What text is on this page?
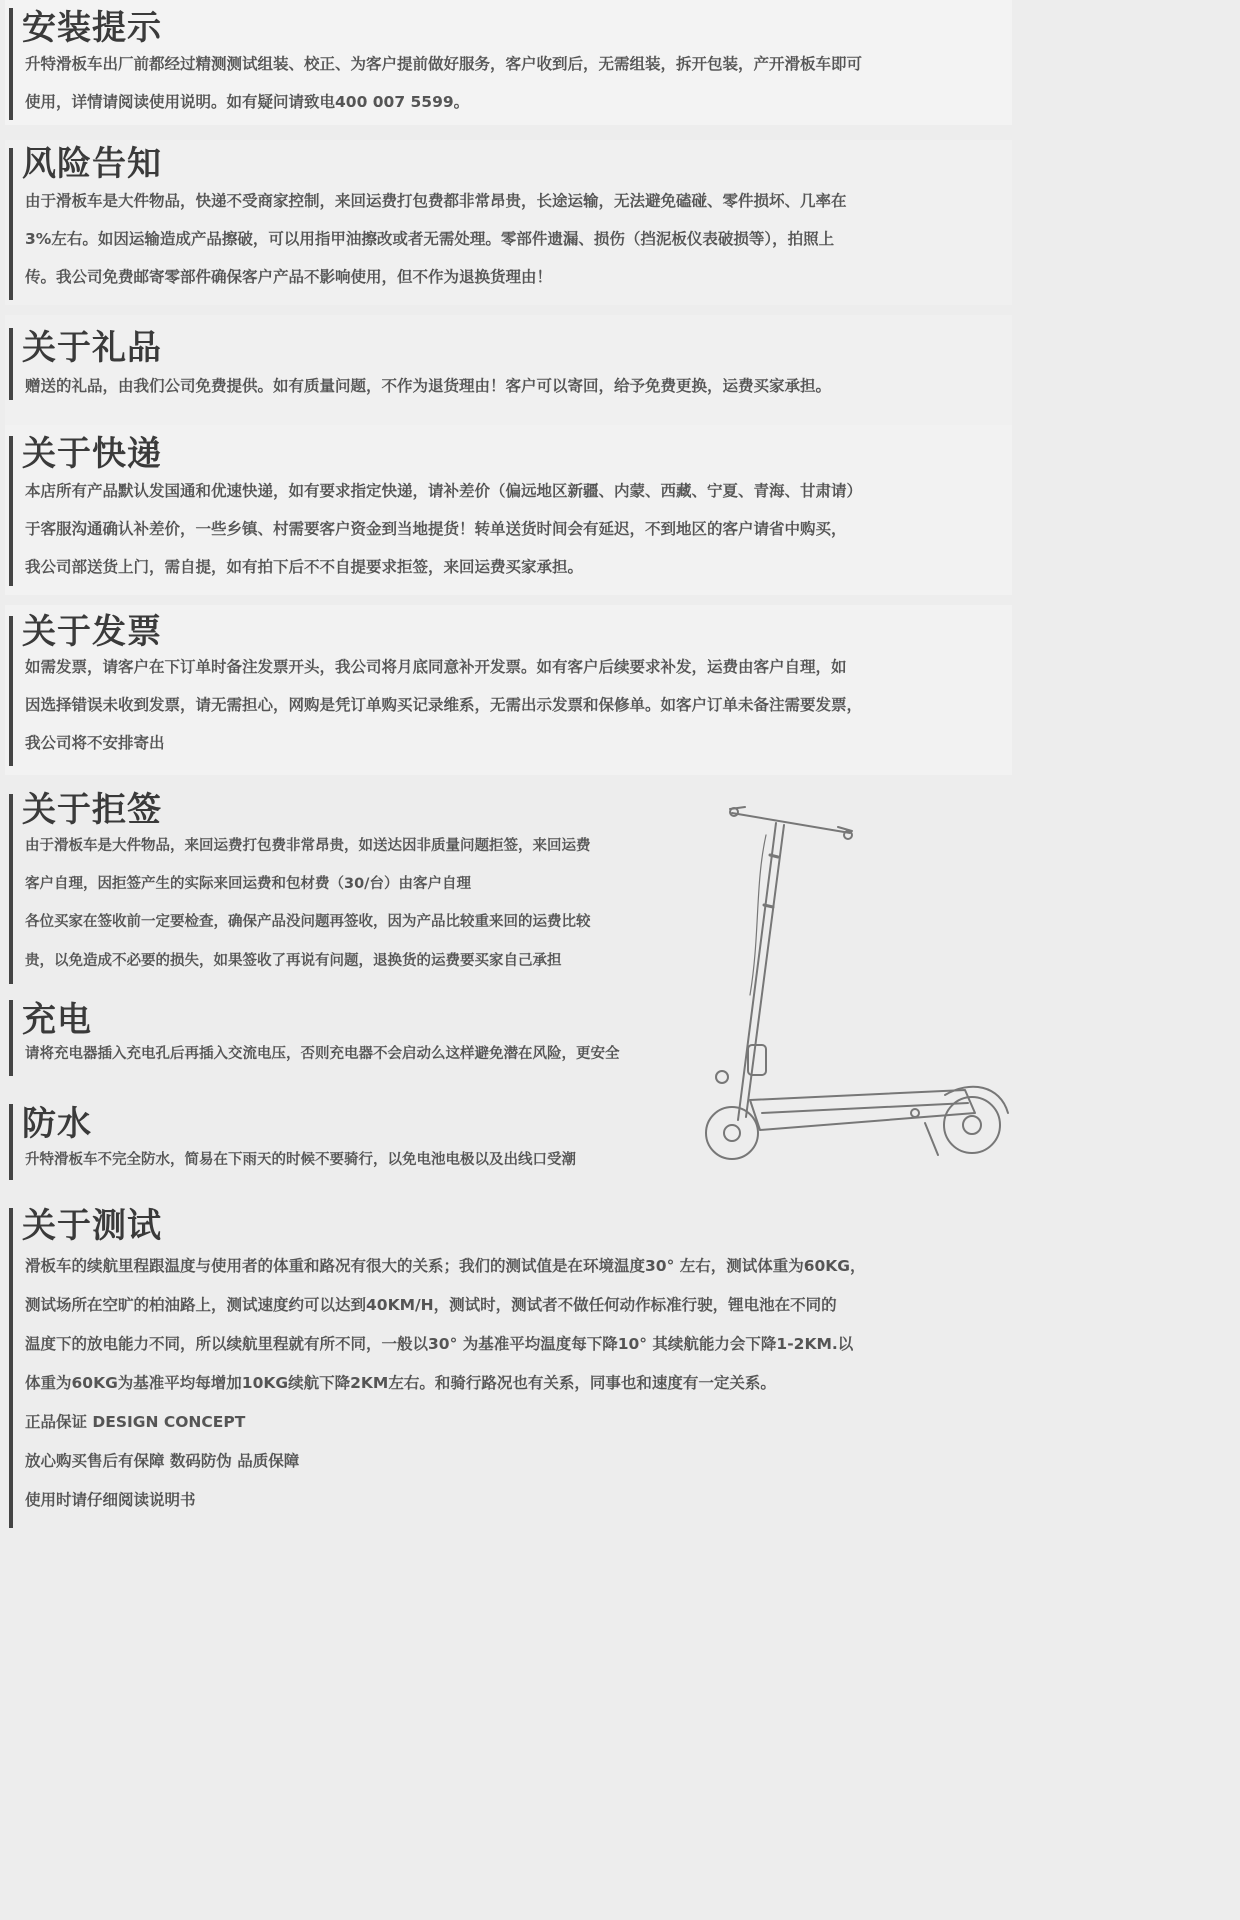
安装提示

升特滑板车出厂前都经过精测测试组装、校正、为客户提前做好服务，客户收到后，无需组装，拆开包装，产开滑板车即可

使用，详情请阅读使用说明。如有疑问请致电400 007 5599。

风险告知

由于滑板车是大件物品，快递不受商家控制，来回运费打包费都非常昂贵，长途运输，无法避免磕碰、零件损坏、几率在

3%左右。如因运输造成产品擦破，可以用指甲油擦改或者无需处理。零部件遗漏、损伤（挡泥板仪表破损等），拍照上

传。我公司免费邮寄零部件确保客户产品不影响使用，但不作为退换货理由！

关于礼品

赠送的礼品，由我们公司免费提供。如有质量问题，不作为退货理由！客户可以寄回，给予免费更换，运费买家承担。

关于快递

本店所有产品默认发国通和优速快递，如有要求指定快递，请补差价（偏远地区新疆、内蒙、西藏、宁夏、青海、甘肃请）

于客服沟通确认补差价，一些乡镇、村需要客户资金到当地提货！转单送货时间会有延迟，不到地区的客户请省中购买，

我公司部送货上门，需自提，如有拍下后不不自提要求拒签，来回运费买家承担。

关于发票

如需发票，请客户在下订单时备注发票开头，我公司将月底同意补开发票。如有客户后续要求补发，运费由客户自理，如

因选择错误未收到发票，请无需担心，网购是凭订单购买记录维系，无需出示发票和保修单。如客户订单未备注需要发票，

我公司将不安排寄出

关于拒签

由于滑板车是大件物品，来回运费打包费非常昂贵，如送达因非质量问题拒签，来回运费

客户自理，因拒签产生的实际来回运费和包材费（30/台）由客户自理

各位买家在签收前一定要检查，确保产品没问题再签收，因为产品比较重来回的运费比较

贵，以免造成不必要的损失，如果签收了再说有问题，退换货的运费要买家自己承担

充电

请将充电器插入充电孔后再插入交流电压，否则充电器不会启动么这样避免潜在风险，更安全

防水

升特滑板车不完全防水，简易在下雨天的时候不要骑行，以免电池电极以及出线口受潮

关于测试

滑板车的续航里程跟温度与使用者的体重和路况有很大的关系；我们的测试值是在环境温度30° 左右，测试体重为60KG，

测试场所在空旷的柏油路上，测试速度约可以达到40KM/H，测试时，测试者不做任何动作标准行驶，锂电池在不同的

温度下的放电能力不同，所以续航里程就有所不同，一般以30° 为基准平均温度每下降10° 其续航能力会下降1-2KM.以

体重为60KG为基准平均每增加10KG续航下降2KM左右。和骑行路况也有关系，同事也和速度有一定关系。

正品保证 DESIGN CONCEPT

放心购买售后有保障 数码防伪 品质保障

使用时请仔细阅读说明书
